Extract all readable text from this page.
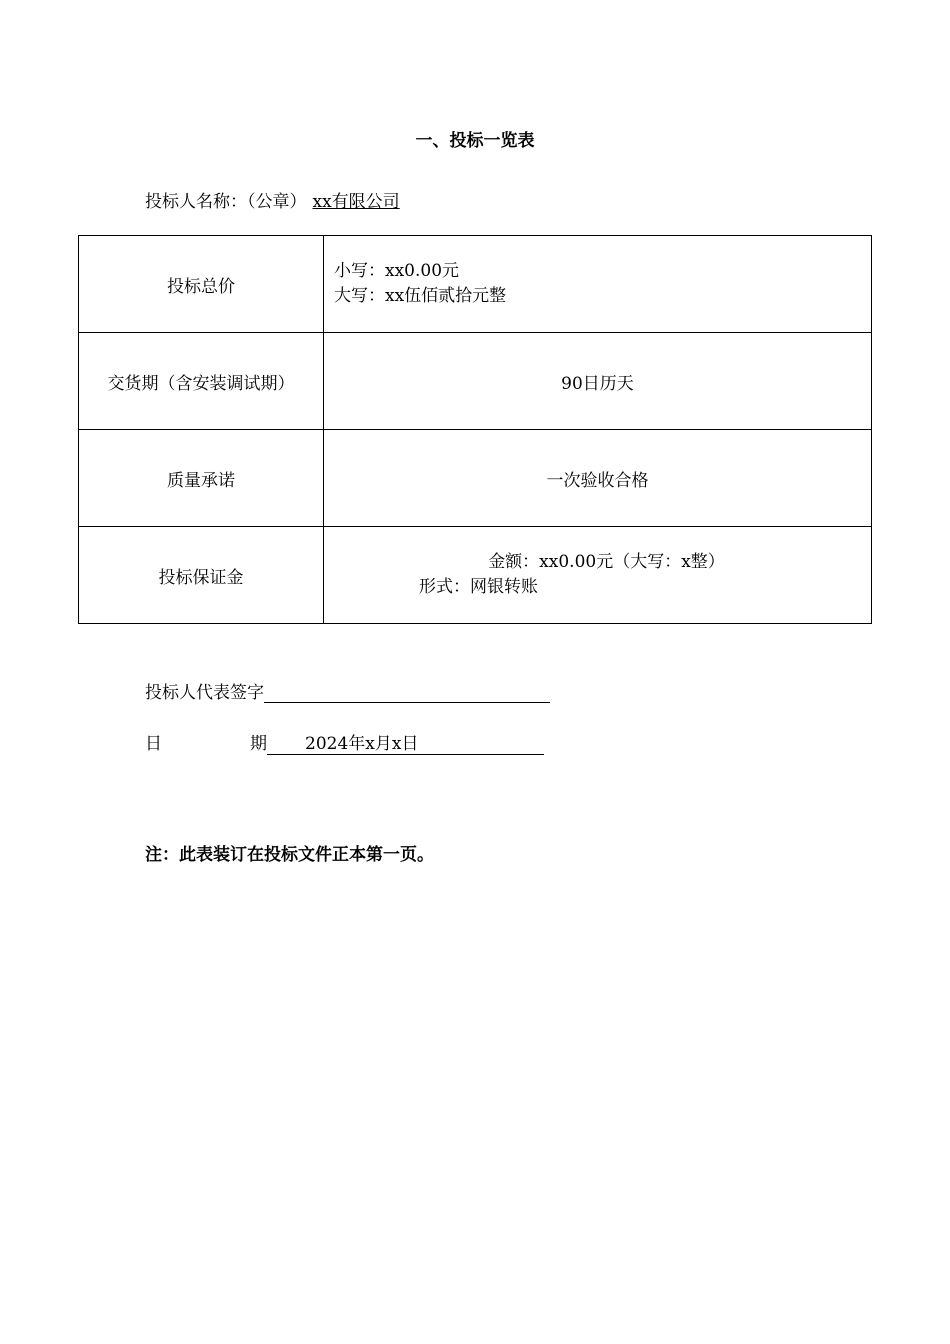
一、投标一览表
投标人名称：（公章） xx有限公司
投标总价	小写：xx0.00元
大写：xx伍佰贰拾元整

交货期（含安装调试期）	90日历天
质量承诺	一次验收合格
投标保证金	金额：xx0.00元（大写：x整）
形式：网银转账
投标人代表签字
日	期 2024年x月x日
注：此表装订在投标文件正本第一页。
